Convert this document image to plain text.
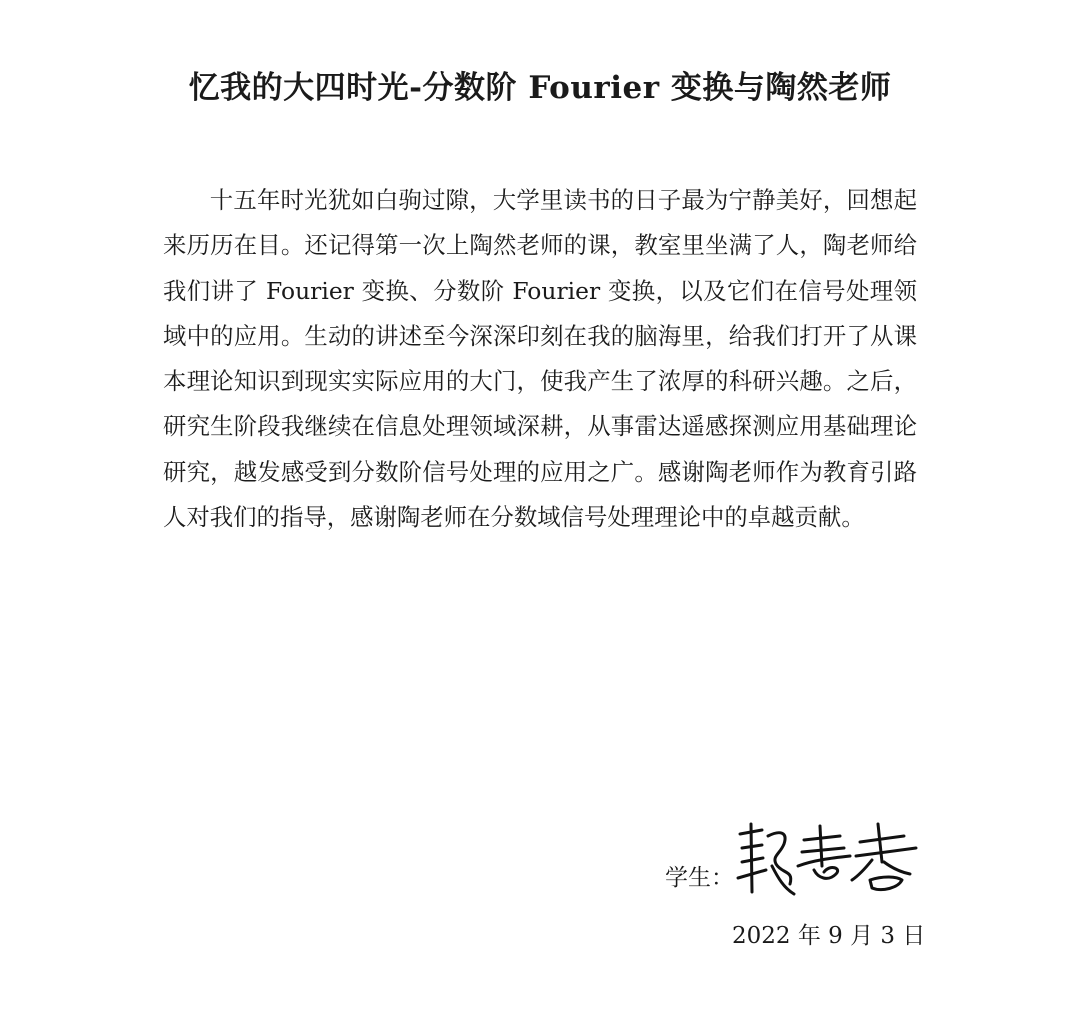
忆我的大四时光-分数阶 Fourier 变换与陶然老师

十五年时光犹如白驹过隙，大学里读书的日子最为宁静美好，回想起来历历在目。还记得第一次上陶然老师的课，教室里坐满了人，陶老师给我们讲了 Fourier 变换、分数阶 Fourier 变换，以及它们在信号处理领域中的应用。生动的讲述至今深深印刻在我的脑海里，给我们打开了从课本理论知识到现实实际应用的大门，使我产生了浓厚的科研兴趣。之后，研究生阶段我继续在信息处理领域深耕，从事雷达遥感探测应用基础理论研究，越发感受到分数阶信号处理的应用之广。感谢陶老师作为教育引路人对我们的指导，感谢陶老师在分数域信号处理理论中的卓越贡献。

学生：
2022 年 9 月 3 日
